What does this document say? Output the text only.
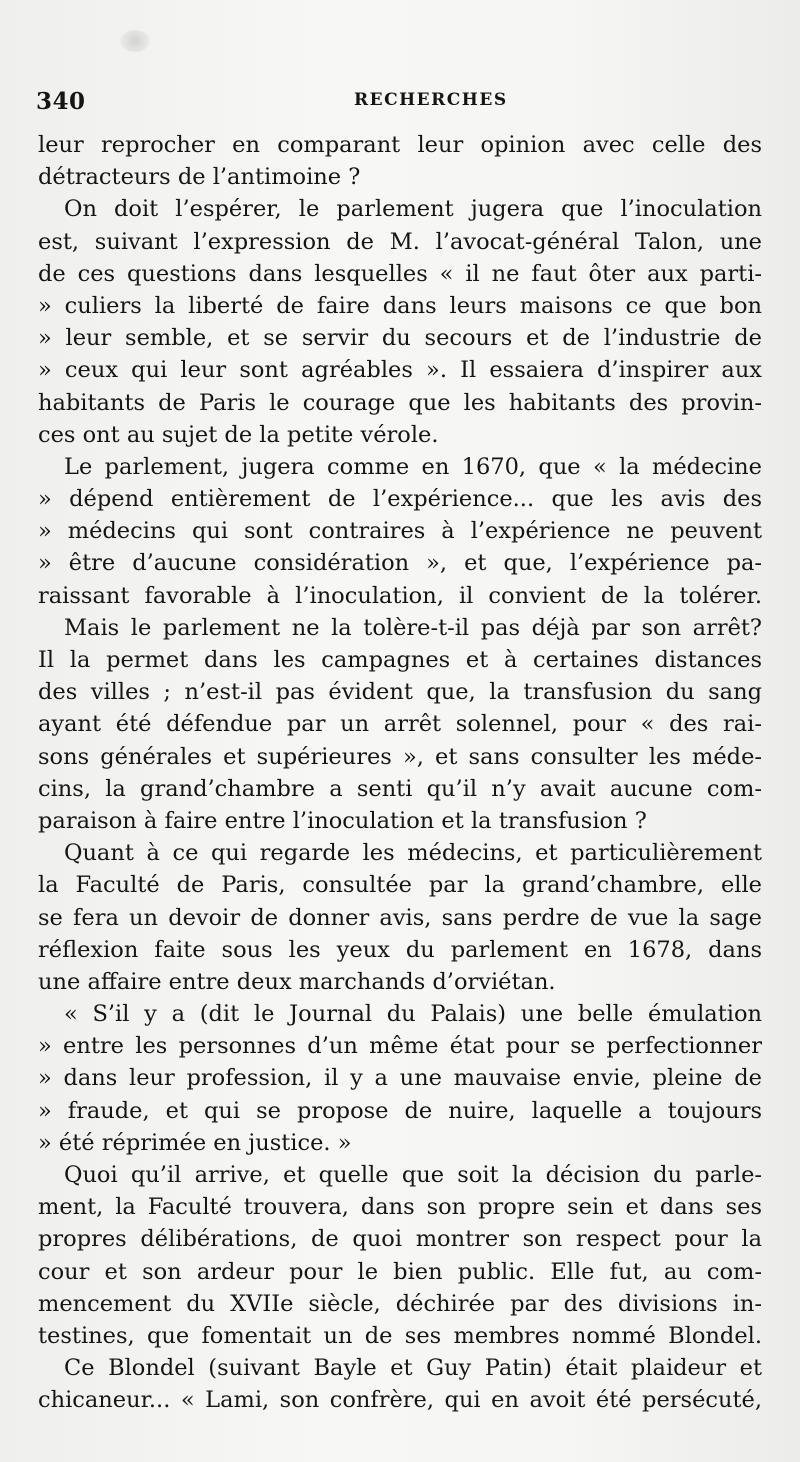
340	RECHERCHES
leur reprocher en comparant leur opinion avec celle des
détracteurs de l’antimoine ?
On doit l’espérer, le parlement jugera que l’inoculation
est, suivant l’expression de M. l’avocat-général Talon, une
de ces questions dans lesquelles « il ne faut ôter aux parti-
» culiers la liberté de faire dans leurs maisons ce que bon
» leur semble, et se servir du secours et de l’industrie de
» ceux qui leur sont agréables ». Il essaiera d’inspirer aux
habitants de Paris le courage que les habitants des provin-
ces ont au sujet de la petite vérole.
Le parlement, jugera comme en 1670, que « la médecine
» dépend entièrement de l’expérience... que les avis des
» médecins qui sont contraires à l’expérience ne peuvent
» être d’aucune considération », et que, l’expérience pa-
raissant favorable à l’inoculation, il convient de la tolérer.
Mais le parlement ne la tolère-t-il pas déjà par son arrêt?
Il la permet dans les campagnes et à certaines distances
des villes ; n’est-il pas évident que, la transfusion du sang
ayant été défendue par un arrêt solennel, pour « des rai-
sons générales et supérieures », et sans consulter les méde-
cins, la grand’chambre a senti qu’il n’y avait aucune com-
paraison à faire entre l’inoculation et la transfusion ?
Quant à ce qui regarde les médecins, et particulièrement
la Faculté de Paris, consultée par la grand’chambre, elle
se fera un devoir de donner avis, sans perdre de vue la sage
réflexion faite sous les yeux du parlement en 1678, dans
une affaire entre deux marchands d’orviétan.
« S’il y a (dit le Journal du Palais) une belle émulation
» entre les personnes d’un même état pour se perfectionner
» dans leur profession, il y a une mauvaise envie, pleine de
» fraude, et qui se propose de nuire, laquelle a toujours
» été réprimée en justice. »
Quoi qu’il arrive, et quelle que soit la décision du parle-
ment, la Faculté trouvera, dans son propre sein et dans ses
propres délibérations, de quoi montrer son respect pour la
cour et son ardeur pour le bien public. Elle fut, au com-
mencement du XVIIe siècle, déchirée par des divisions in-
testines, que fomentait un de ses membres nommé Blondel.
Ce Blondel (suivant Bayle et Guy Patin) était plaideur et
chicaneur... « Lami, son confrère, qui en avoit été persécuté,
